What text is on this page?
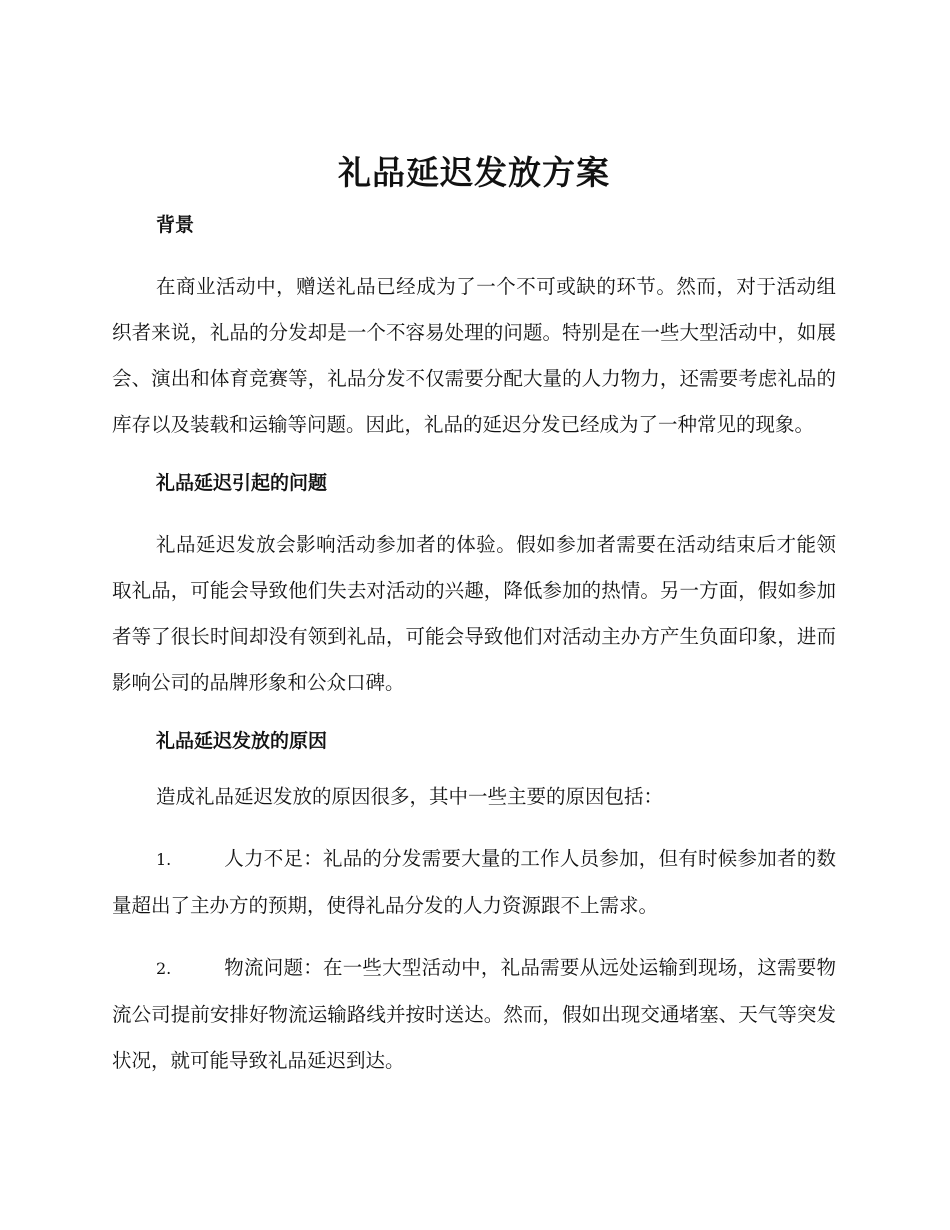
礼品延迟发放方案
背景

在商业活动中，赠送礼品已经成为了一个不可或缺的环节。然而，对于活动组织者来说，礼品的分发却是一个不容易处理的问题。特别是在一些大型活动中，如展会、演出和体育竞赛等，礼品分发不仅需要分配大量的人力物力，还需要考虑礼品的库存以及装载和运输等问题。因此，礼品的延迟分发已经成为了一种常见的现象。

礼品延迟引起的问题

礼品延迟发放会影响活动参加者的体验。假如参加者需要在活动结束后才能领取礼品，可能会导致他们失去对活动的兴趣，降低参加的热情。另一方面，假如参加者等了很长时间却没有领到礼品，可能会导致他们对活动主办方产生负面印象，进而影响公司的品牌形象和公众口碑。

礼品延迟发放的原因

造成礼品延迟发放的原因很多，其中一些主要的原因包括：

1.	人力不足：礼品的分发需要大量的工作人员参加，但有时候参加者的数量超出了主办方的预期，使得礼品分发的人力资源跟不上需求。
2.	物流问题：在一些大型活动中，礼品需要从远处运输到现场，这需要物流公司提前安排好物流运输路线并按时送达。然而，假如出现交通堵塞、天气等突发状况，就可能导致礼品延迟到达。
